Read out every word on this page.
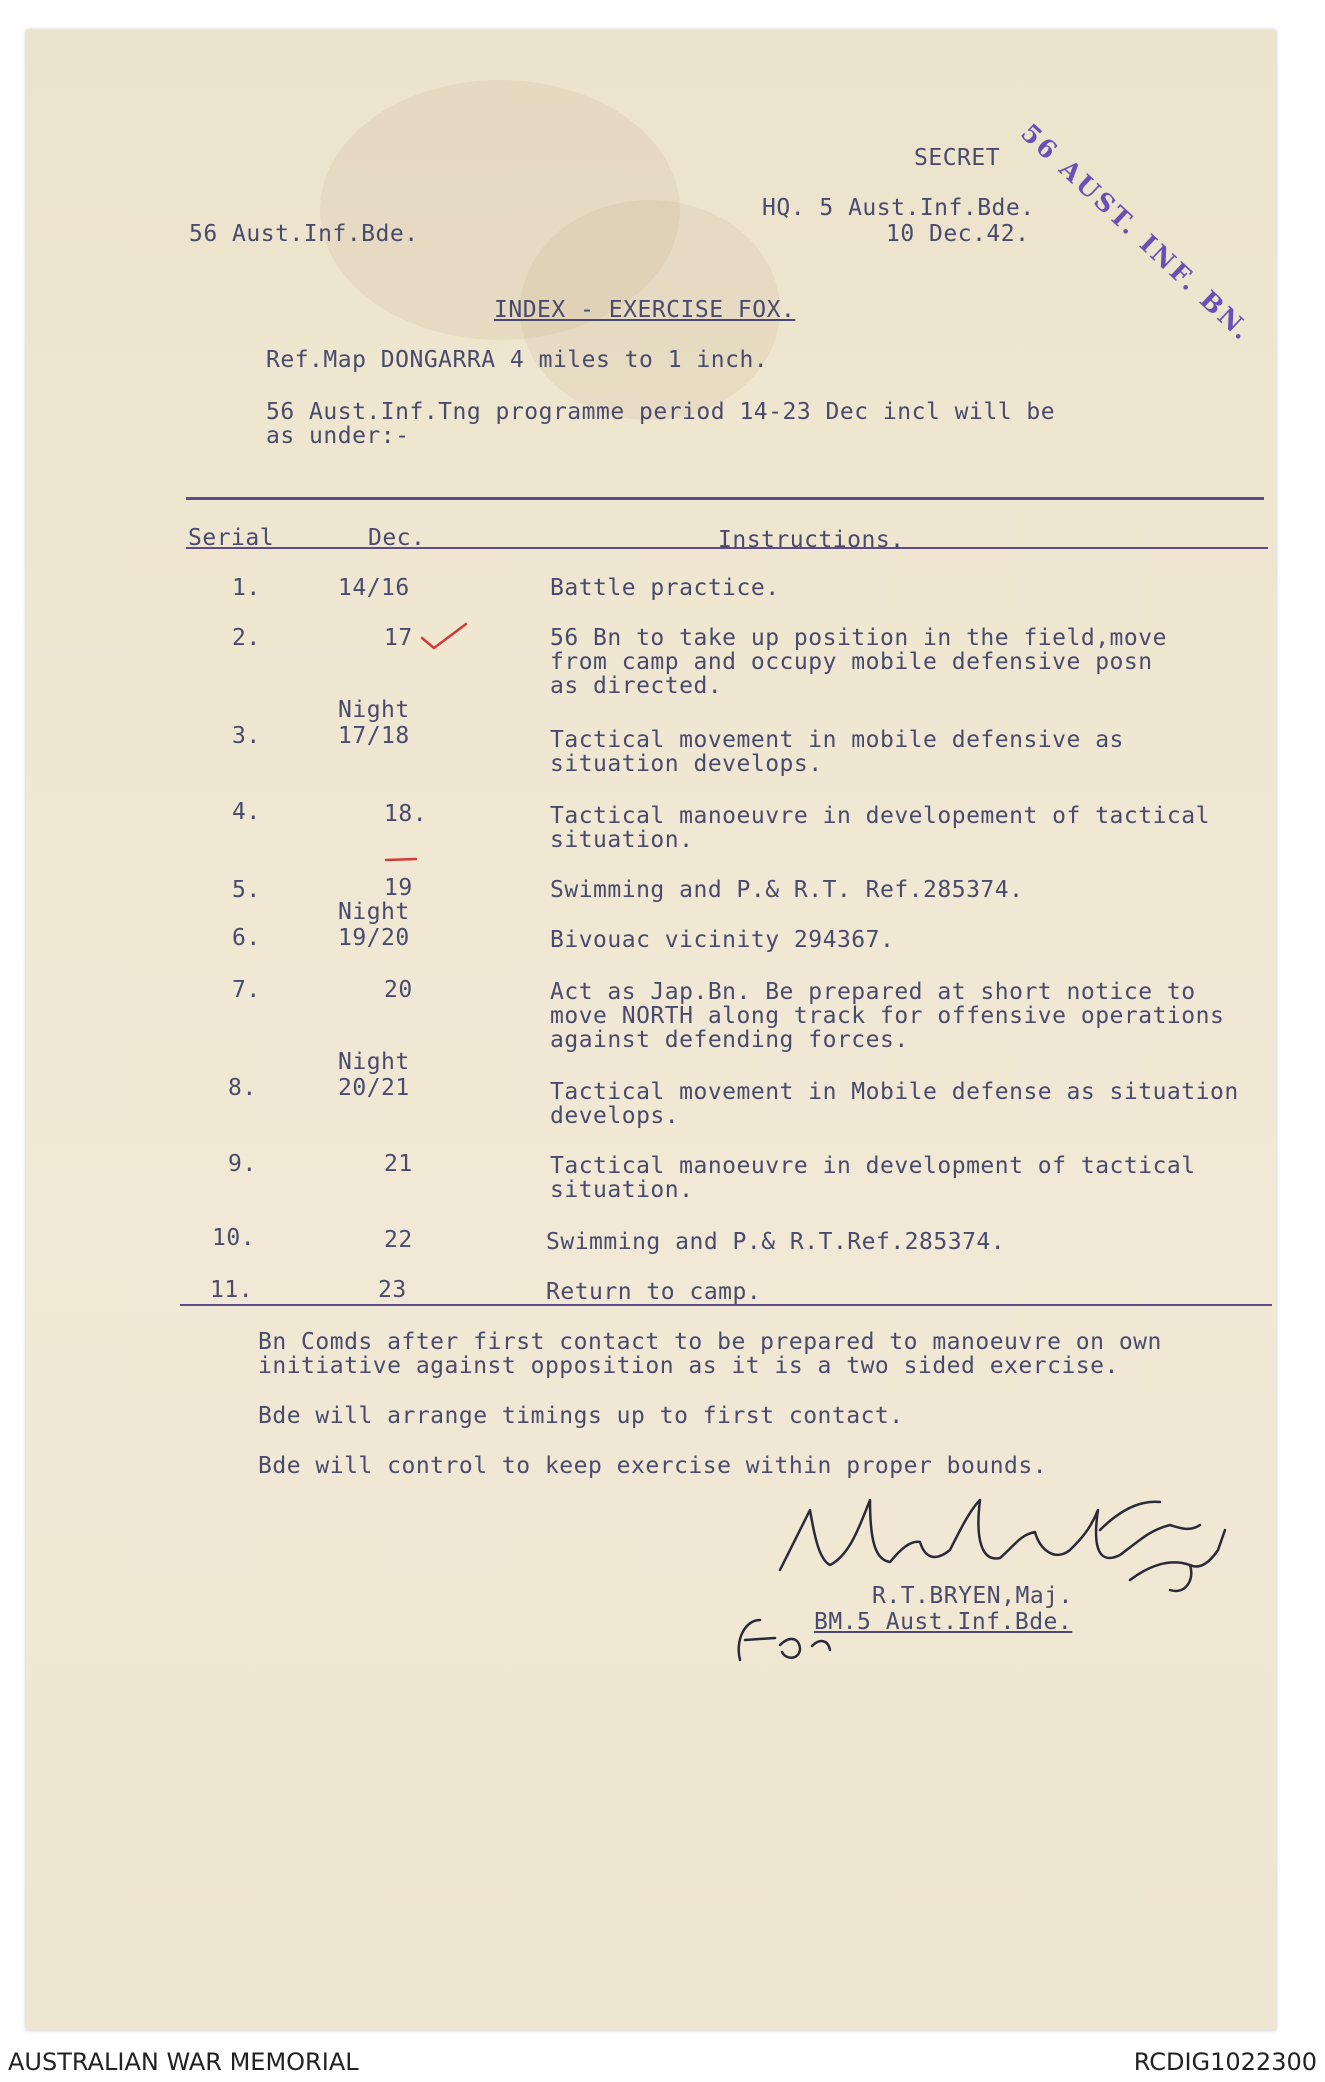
SECRET 56 AUST. INF. BN.
HQ. 5 Aust.Inf.Bde.
10 Dec.42.
56 Aust.Inf.Bde.
INDEX - EXERCISE FOX.
Ref.Map DONGARRA 4 miles to 1 inch.
56 Aust.Inf.Tng programme period 14-23 Dec incl will be
as under:-
Serial	Dec.	Instructions.
1.	14/16	Battle practice.
2.	17	56 Bn to take up position in the field,move
from camp and occupy mobile defensive posn
as directed.
Night
3.	17/18	Tactical movement in mobile defensive as
situation develops.
4.	18.	Tactical manoeuvre in developement of tactical
situation.
5.	19	Swimming and P.& R.T. Ref.285374.
Night
6.	19/20	Bivouac vicinity 294367.
7.	20	Act as Jap.Bn. Be prepared at short notice to
move NORTH along track for offensive operations
against defending forces.
Night
8.	20/21	Tactical movement in Mobile defense as situation
develops.
9.	21	Tactical manoeuvre in development of tactical
situation.
10.	22	Swimming and P.& R.T.Ref.285374.
11.	23	Return to camp.
Bn Comds after first contact to be prepared to manoeuvre on own
initiative against opposition as it is a two sided exercise.
Bde will arrange timings up to first contact.
Bde will control to keep exercise within proper bounds.
R.T.BRYEN,Maj.
BM.5 Aust.Inf.Bde.
AUSTRALIAN WAR MEMORIAL	RCDIG1022300
